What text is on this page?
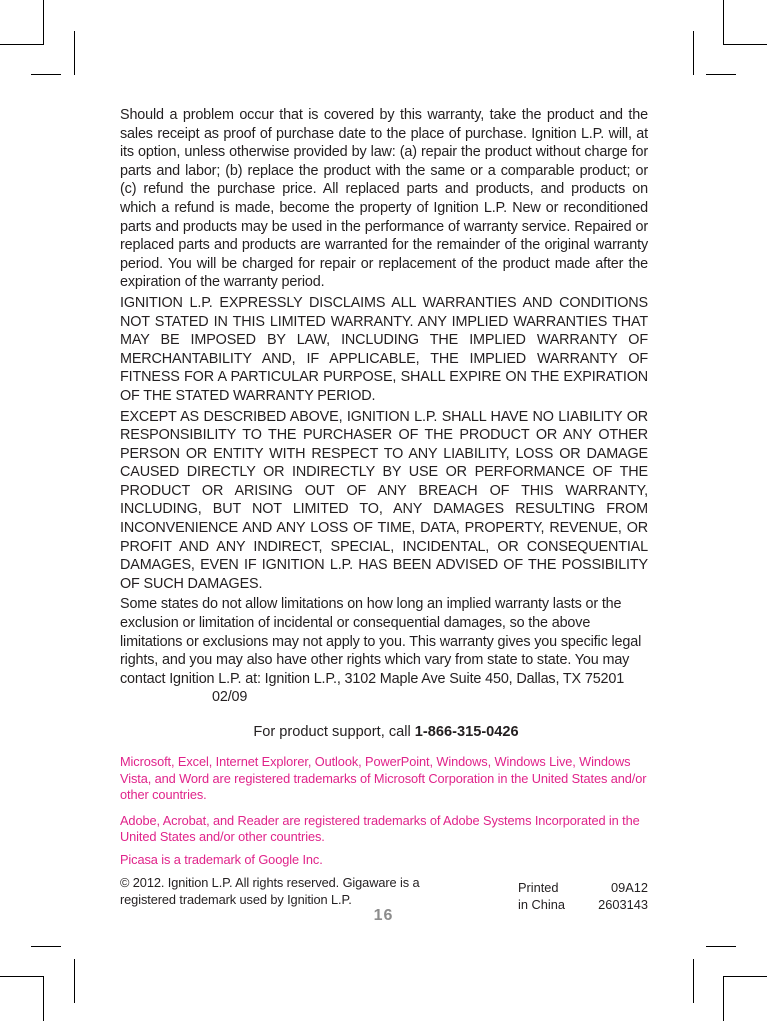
Should a problem occur that is covered by this warranty, take the product and the sales receipt as proof of purchase date to the place of purchase. Ignition L.P. will, at its option, unless otherwise provided by law: (a) repair the product without charge for parts and labor; (b) replace the product with the same or a comparable product; or (c) refund the purchase price. All replaced parts and products, and products on which a refund is made, become the property of Ignition L.P. New or reconditioned parts and products may be used in the performance of warranty service. Repaired or replaced parts and products are warranted for the remainder of the original warranty period. You will be charged for repair or replacement of the product made after the expiration of the warranty period.

IGNITION L.P. EXPRESSLY DISCLAIMS ALL WARRANTIES AND CONDITIONS NOT STATED IN THIS LIMITED WARRANTY. ANY IMPLIED WARRANTIES THAT MAY BE IMPOSED BY LAW, INCLUDING THE IMPLIED WARRANTY OF MERCHANTABILITY AND, IF APPLICABLE, THE IMPLIED WARRANTY OF FITNESS FOR A PARTICULAR PURPOSE, SHALL EXPIRE ON THE EXPIRATION OF THE STATED WARRANTY PERIOD.

EXCEPT AS DESCRIBED ABOVE, IGNITION L.P. SHALL HAVE NO LIABILITY OR RESPONSIBILITY TO THE PURCHASER OF THE PRODUCT OR ANY OTHER PERSON OR ENTITY WITH RESPECT TO ANY LIABILITY, LOSS OR DAMAGE CAUSED DIRECTLY OR INDIRECTLY BY USE OR PERFORMANCE OF THE PRODUCT OR ARISING OUT OF ANY BREACH OF THIS WARRANTY, INCLUDING, BUT NOT LIMITED TO, ANY DAMAGES RESULTING FROM INCONVENIENCE AND ANY LOSS OF TIME, DATA, PROPERTY, REVENUE, OR PROFIT AND ANY INDIRECT, SPECIAL, INCIDENTAL, OR CONSEQUENTIAL DAMAGES, EVEN IF IGNITION L.P. HAS BEEN ADVISED OF THE POSSIBILITY OF SUCH DAMAGES.

Some states do not allow limitations on how long an implied warranty lasts or the exclusion or limitation of incidental or consequential damages, so the above limitations or exclusions may not apply to you. This warranty gives you specific legal rights, and you may also have other rights which vary from state to state. You may contact Ignition L.P. at: Ignition L.P., 3102 Maple Ave Suite 450, Dallas, TX 7520102/09

For product support, call 1-866-315-0426

Microsoft, Excel, Internet Explorer, Outlook, PowerPoint, Windows, Windows Live, Windows Vista, and Word are registered trademarks of Microsoft Corporation in the United States and/or other countries.

Adobe, Acrobat, and Reader are registered trademarks of Adobe Systems Incorporated in the United States and/or other countries.

Picasa is a trademark of Google Inc.

© 2012. Ignition L.P. All rights reserved. Gigaware is a registered trademark used by Ignition L.P.
Printed	09A12
in China	2603143
16
